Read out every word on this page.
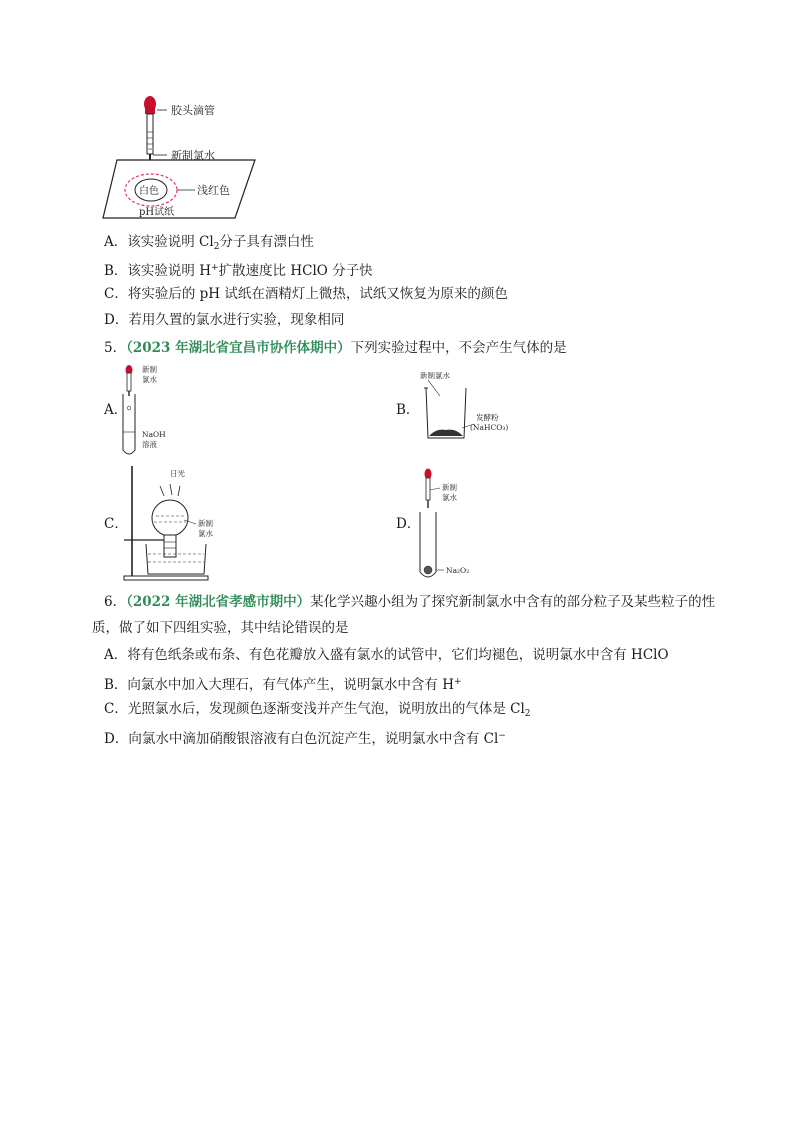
胶头滴管
新制氯水
白色	浅红色
pH试纸
A．该实验说明 $Cl_2$分子具有漂白性
B．该实验说明 H+扩散速度比 HClO 分子快
C．将实验后的 pH 试纸在酒精灯上微热，试纸又恢复为原来的颜色
D．若用久置的氯水进行实验，现象相同
5．（2023 年湖北省宜昌市协作体期中）下列实验过程中，不会产生气体的是
A．
新制
氯水
NaOH
溶液
B．
新制氯水
发酵粉
(NaHCO₃)
C．
日光
新制
氯水
D．
新制
氯水
Na₂O₂
6．（2022 年湖北省孝感市期中）某化学兴趣小组为了探究新制氯水中含有的部分粒子及某些粒子的性
质，做了如下四组实验，其中结论错误的是
A．将有色纸条或布条、有色花瓣放入盛有氯水的试管中，它们均褪色，说明氯水中含有 HClO
B．向氯水中加入大理石，有气体产生，说明氯水中含有 H+
C．光照氯水后，发现颜色逐渐变浅并产生气泡，说明放出的气体是 $Cl_2$
D．向氯水中滴加硝酸银溶液有白色沉淀产生，说明氯水中含有 Cl−
